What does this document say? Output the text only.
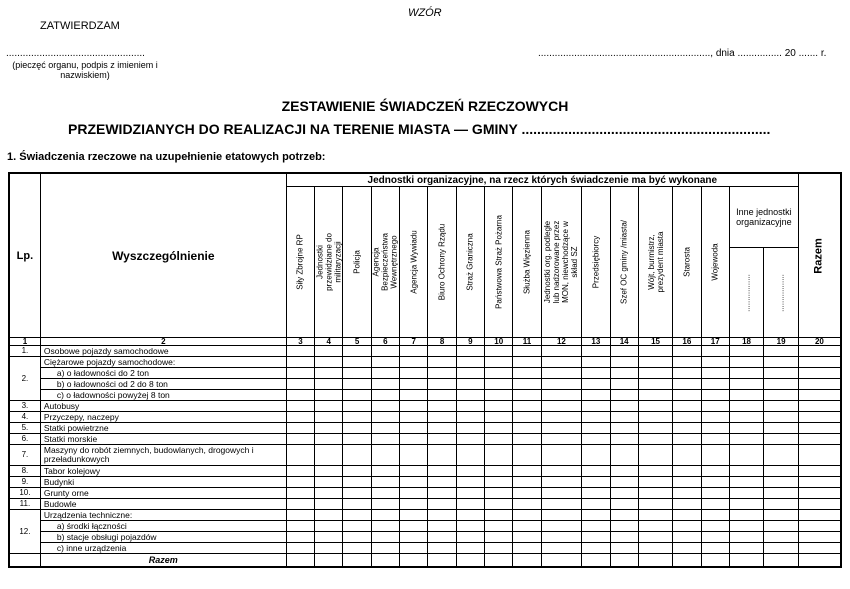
WZÓR
ZATWIERDZAM
..................................................
(pieczęć organu, podpis z imieniem i nazwiskiem)
.............................................................., dnia ................ 20 ....... r.
ZESTAWIENIE ŚWIADCZEŃ RZECZOWYCH
PRZEWIDZIANYCH DO REALIZACJI NA TERENIE MIASTA — GMINY ................................................................
1. Świadczenia rzeczowe na uzupełnienie etatowych potrzeb:
Lp.	Wyszczególnienie	Jednostki organizacyjne, na rzecz których świadczenie ma być wykonane																	Razem

		Siły Zbrojne RP	Jednostki
przewidziane do
militaryzacji	Policja	Agencja
Bezpieczeństwa
Wewnętrznego	Agencja Wywiadu	Biuro Ochrony Rządu	Straż Graniczna	Państwowa Straż Pożarna	Służba Więzienna	Jednostki org. podległe
lub nadzorowane przez
MON, niewchodzące w
skład SZ	Przedsiębiorcy	Szef OC gminy /miasta/	Wójt, burmistrz,
prezydent miasta	Starosta	Wojewoda	Inne jednostki organizacyjne		

																	.................	.................	

1	2	3	4	5	6	7	8	9	10	11	12	13	14	15	16	17	18	19	20
1.	Osobowe pojazdy samochodowe																		
2.	Ciężarowe pojazdy samochodowe:																		
	a) o ładowności do 2 ton																		
	b) o ładowności od 2 do 8 ton																		
	c) o ładowności powyżej 8 ton																		
3.	Autobusy																		
4.	Przyczepy, naczepy																		
5.	Statki powietrzne																		
6.	Statki morskie																		
7.	Maszyny do robót ziemnych, budowlanych, drogowych i przeładunkowych																		
8.	Tabor kolejowy																		
9.	Budynki																		
10.	Grunty orne																		
11.	Budowle																		
12.	Urządzenia techniczne:																		
	a) środki łączności																		
	b) stacje obsługi pojazdów																		
	c) inne urządzenia																		
	Razem																		
